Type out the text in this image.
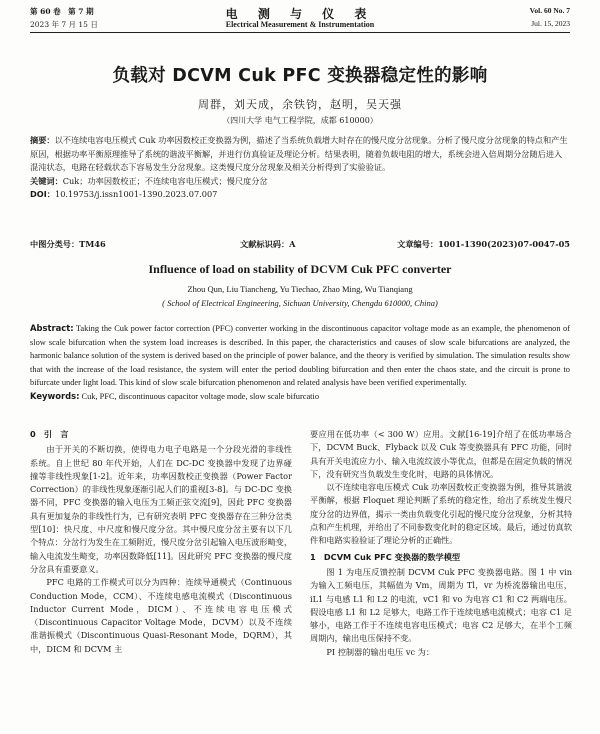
第 60 卷　第 7 期
2023 年 7 月 15 日
电 测 与 仪 表
Electrical Measurement & Instrumentation
Vol. 60 No. 7
Jul. 15, 2023
负载对 DCVM Cuk PFC 变换器稳定性的影响
周群，刘天成，余铁钧，赵明，吴天强
（四川大学 电气工程学院，成都 610000）
摘要：以不连续电容电压模式 Cuk 功率因数校正变换器为例，描述了当系统负载增大时存在的慢尺度分岔现象。分析了慢尺度分岔现象的特点和产生原因，根据功率平衡原理推导了系统的谐波平衡解，并进行仿真验证及理论分析。结果表明，随着负载电阻的增大，系统会进入倍周期分岔随后进入混沌状态，电路在轻载状态下容易发生分岔现象。这类慢尺度分岔现象及相关分析得到了实验验证。
关键词：Cuk；功率因数校正；不连续电容电压模式；慢尺度分岔
DOI：10.19753/j.issn1001-1390.2023.07.007
中图分类号：TM46	文献标识码：A	文章编号：1001-1390(2023)07-0047-05
Influence of load on stability of DCVM Cuk PFC converter
Zhou Qun, Liu Tiancheng, Yu Tiechao, Zhao Ming, Wu Tianqiang
( School of Electrical Engineering, Sichuan University, Chengdu 610000, China)
Abstract: Taking the Cuk power factor correction (PFC) converter working in the discontinuous capacitor voltage mode as an example, the phenomenon of slow scale bifurcation when the system load increases is described. In this paper, the characteristics and causes of slow scale bifurcations are analyzed, the harmonic balance solution of the system is derived based on the principle of power balance, and the theory is verified by simulation. The simulation results show that with the increase of the load resistance, the system will enter the period doubling bifurcation and then enter the chaos state, and the circuit is prone to bifurcate under light load. This kind of slow scale bifurcation phenomenon and related analysis have been verified experimentally.
Keywords: Cuk, PFC, discontinuous capacitor voltage mode, slow scale bifurcatio

0　引　言

由于开关的不断切换，使得电力电子电路是一个分段光滑的非线性系统。自上世纪 80 年代开始，人们在 DC-DC 变换器中发现了边界碰撞等非线性现象[1-2]。近年来，功率因数校正变换器（Power Factor Correction）的非线性现象逐渐引起人们的重视[3-8]。与 DC-DC 变换器不同，PFC 变换器的输入电压为工频正弦交流[9]，因此 PFC 变换器具有更加复杂的非线性行为，已有研究表明 PFC 变换器存在三种分岔类型[10]：快尺度、中尺度和慢尺度分岔。其中慢尺度分岔主要有以下几个特点：分岔行为发生在工频附近，慢尺度分岔引起输入电压波形畸变，输入电流发生畸变，功率因数降低[11]。因此研究 PFC 变换器的慢尺度分岔具有重要意义。

PFC 电路的工作模式可以分为四种：连续导通模式（Continuous Conduction Mode，CCM）、不连续电感电流模式（Discontinuous Inductor Current Mode，DICM）、不连续电容电压模式（Discontinuous Capacitor Voltage Mode，DCVM）以及不连续准谐振模式（Discontinuous Quasi-Resonant Mode，DQRM），其中，DICM 和 DCVM 主

要应用在低功率（< 300 W）应用。文献[16-19]介绍了在低功率场合下，DCVM Buck、Flyback 以及 Cuk 等变换器具有 PFC 功能，同时具有开关电流应力小、输入电流纹波小等优点，但都是在固定负载的情况下，没有研究当负载发生变化时，电路的具体情况。

以不连续电容电压模式 Cuk 功率因数校正变换器为例，推导其谐波平衡解，根据 Floquet 理论判断了系统的稳定性，给出了系统发生慢尺度分岔的边界值，揭示一类由负载变化引起的慢尺度分岔现象，分析其特点和产生机理，并给出了不同参数变化时的稳定区域。最后，通过仿真软件和电路实验验证了理论分析的正确性。

1　DCVM Cuk PFC 变换器的数学模型

图 1 为电压反馈控制 DCVM Cuk PFC 变换器电路。图 1 中 vin 为输入工频电压，其幅值为 Vm，周期为 Tl，vr 为桥流器输出电压，iL1 与电感 L1 和 L2 的电流，vC1 和 vo 为电容 C1 和 C2 两端电压。假设电感 L1 和 L2 足够大，电路工作于连续电感电流模式；电容 C1 足够小，电路工作于不连续电容电压模式；电容 C2 足够大，在半个工频周期内，输出电压保持不变。

PI 控制器的输出电压 vc 为：
